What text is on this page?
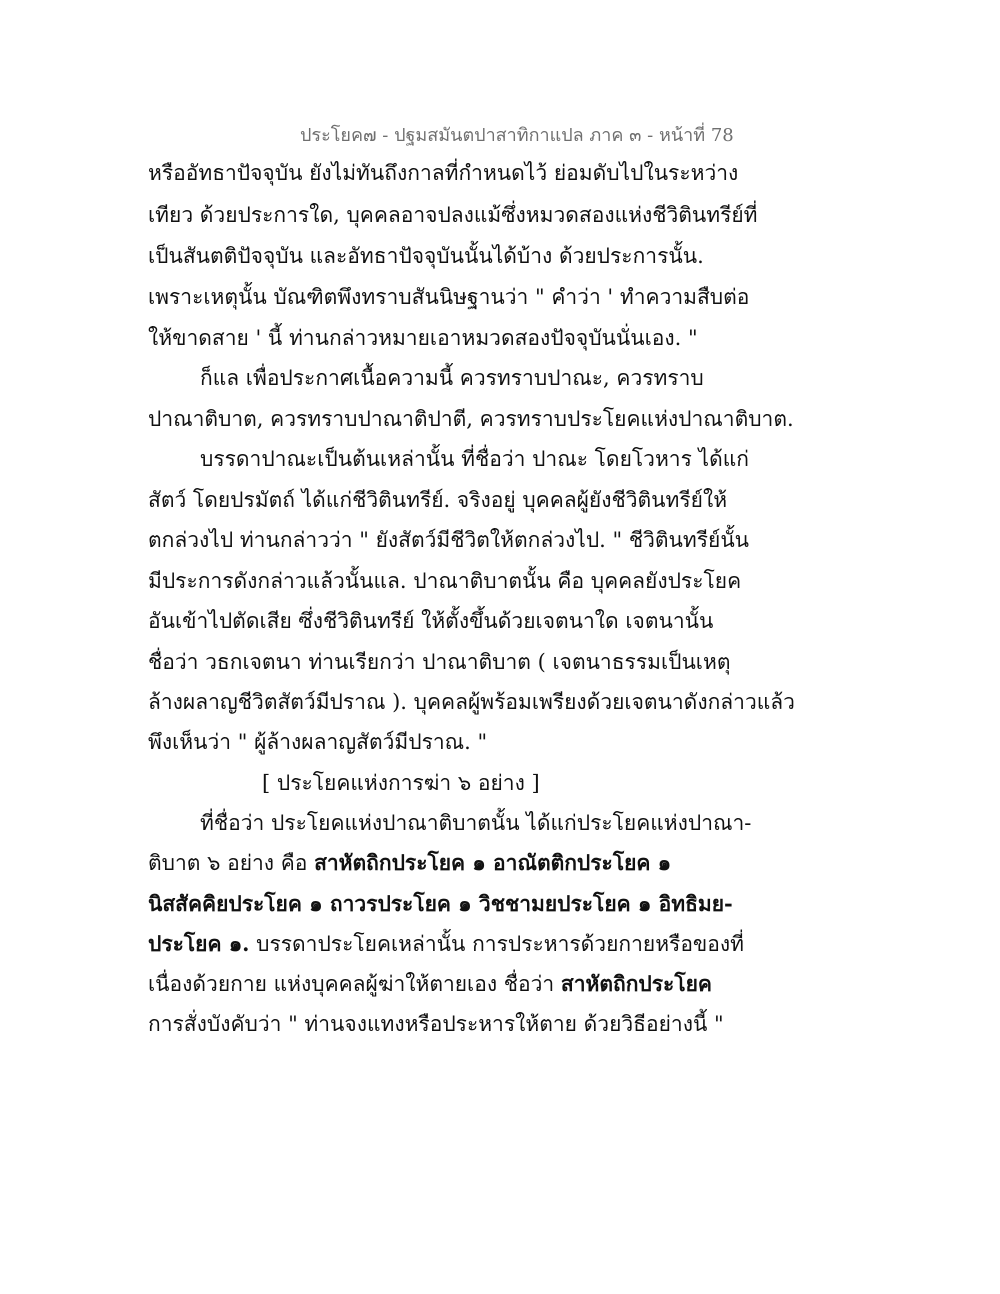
ประโยค๗ - ปฐมสมันตปาสาทิกาแปล ภาค ๓ - หน้าที่ 78
หรืออัทธาปัจจุบัน ยังไม่ทันถึงกาลที่กำหนดไว้ ย่อมดับไปในระหว่าง
เทียว ด้วยประการใด, บุคคลอาจปลงแม้ซึ่งหมวดสองแห่งชีวิตินทรีย์ที่
เป็นสันตติปัจจุบัน และอัทธาปัจจุบันนั้นได้บ้าง ด้วยประการนั้น.
เพราะเหตุนั้น บัณฑิตพึงทราบสันนิษฐานว่า " คำว่า ' ทำความสืบต่อ
ให้ขาดสาย ' นี้ ท่านกล่าวหมายเอาหมวดสองปัจจุบันนั่นเอง. "
ก็แล เพื่อประกาศเนื้อความนี้ ควรทราบปาณะ, ควรทราบ
ปาณาติบาต, ควรทราบปาณาติปาตี, ควรทราบประโยคแห่งปาณาติบาต.
บรรดาปาณะเป็นต้นเหล่านั้น ที่ชื่อว่า ปาณะ โดยโวหาร ได้แก่
สัตว์ โดยปรมัตถ์ ได้แก่ชีวิตินทรีย์. จริงอยู่ บุคคลผู้ยังชีวิตินทรีย์ให้
ตกล่วงไป ท่านกล่าวว่า " ยังสัตว์มีชีวิตให้ตกล่วงไป. " ชีวิตินทรีย์นั้น
มีประการดังกล่าวแล้วนั้นแล. ปาณาติบาตนั้น คือ บุคคลยังประโยค
อันเข้าไปตัดเสีย ซึ่งชีวิตินทรีย์ ให้ตั้งขึ้นด้วยเจตนาใด เจตนานั้น
ชื่อว่า วธกเจตนา ท่านเรียกว่า ปาณาติบาต ( เจตนาธรรมเป็นเหตุ
ล้างผลาญชีวิตสัตว์มีปราณ ). บุคคลผู้พร้อมเพรียงด้วยเจตนาดังกล่าวแล้ว
พึงเห็นว่า " ผู้ล้างผลาญสัตว์มีปราณ. "
[ ประโยคแห่งการฆ่า ๖ อย่าง ]
ที่ชื่อว่า ประโยคแห่งปาณาติบาตนั้น ได้แก่ประโยคแห่งปาณา-
ติบาต ๖ อย่าง คือ สาหัตถิกประโยค ๑ อาณัตติกประโยค ๑
นิสสัคคิยประโยค ๑ ถาวรประโยค ๑ วิชชามยประโยค ๑ อิทธิมย-
ประโยค ๑. บรรดาประโยคเหล่านั้น การประหารด้วยกายหรือของที่
เนื่องด้วยกาย แห่งบุคคลผู้ฆ่าให้ตายเอง ชื่อว่า สาหัตถิกประโยค
การสั่งบังคับว่า " ท่านจงแทงหรือประหารให้ตาย ด้วยวิธีอย่างนี้ "
